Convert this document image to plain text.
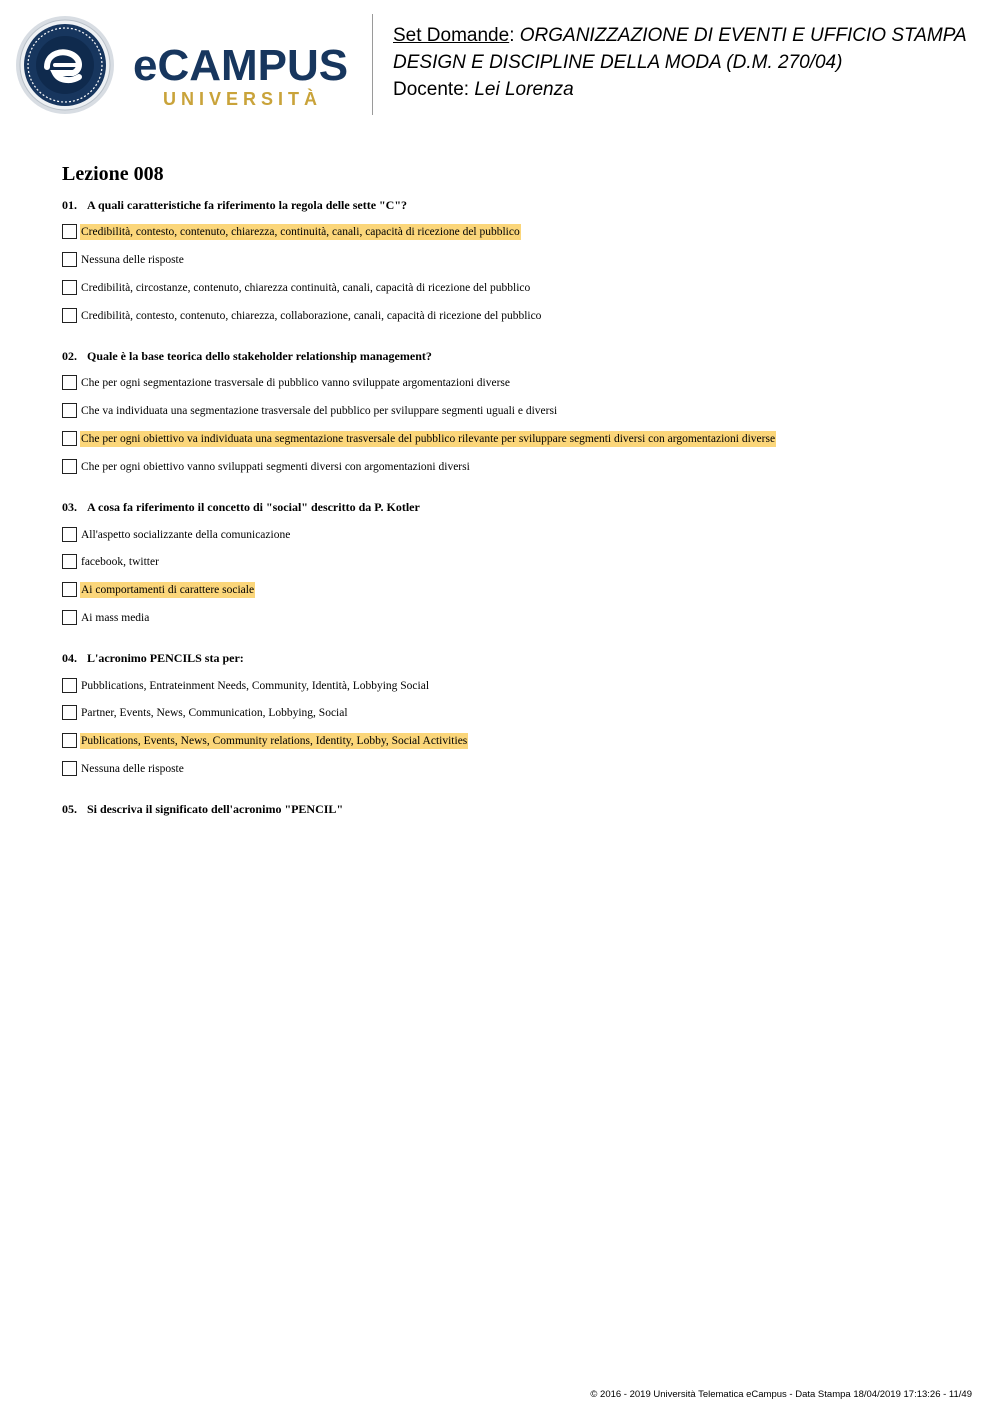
eCAMPUS
UNIVERSITÀ
Set Domande: ORGANIZZAZIONE DI EVENTI E UFFICIO STAMPA
DESIGN E DISCIPLINE DELLA MODA (D.M. 270/04)
Docente: Lei Lorenza
Lezione 008
01. A quali caratteristiche fa riferimento la regola delle sette "C"?
Credibilità, contesto, contenuto, chiarezza, continuità, canali, capacità di ricezione del pubblico
Nessuna delle risposte
Credibilità, circostanze, contenuto, chiarezza continuità, canali, capacità di ricezione del pubblico
Credibilità, contesto, contenuto, chiarezza, collaborazione, canali, capacità di ricezione del pubblico
02. Quale è la base teorica dello stakeholder relationship management?
Che per ogni segmentazione trasversale di pubblico vanno sviluppate argomentazioni diverse
Che va individuata una segmentazione trasversale del pubblico per sviluppare segmenti uguali e diversi
Che per ogni obiettivo va individuata una segmentazione trasversale del pubblico rilevante per sviluppare segmenti diversi con argomentazioni diverse
Che per ogni obiettivo vanno sviluppati segmenti diversi con argomentazioni diversi
03. A cosa fa riferimento il concetto di "social" descritto da P. Kotler
All'aspetto socializzante della comunicazione
facebook, twitter
Ai comportamenti di carattere sociale
Ai mass media
04. L'acronimo PENCILS sta per:
Pubblications, Entrateinment Needs, Community, Identità, Lobbying Social
Partner, Events, News, Communication, Lobbying, Social
Publications, Events, News, Community relations, Identity, Lobby, Social Activities
Nessuna delle risposte
05. Si descriva il significato dell'acronimo "PENCIL"
© 2016 - 2019 Università Telematica eCampus - Data Stampa 18/04/2019 17:13:26 - 11/49
